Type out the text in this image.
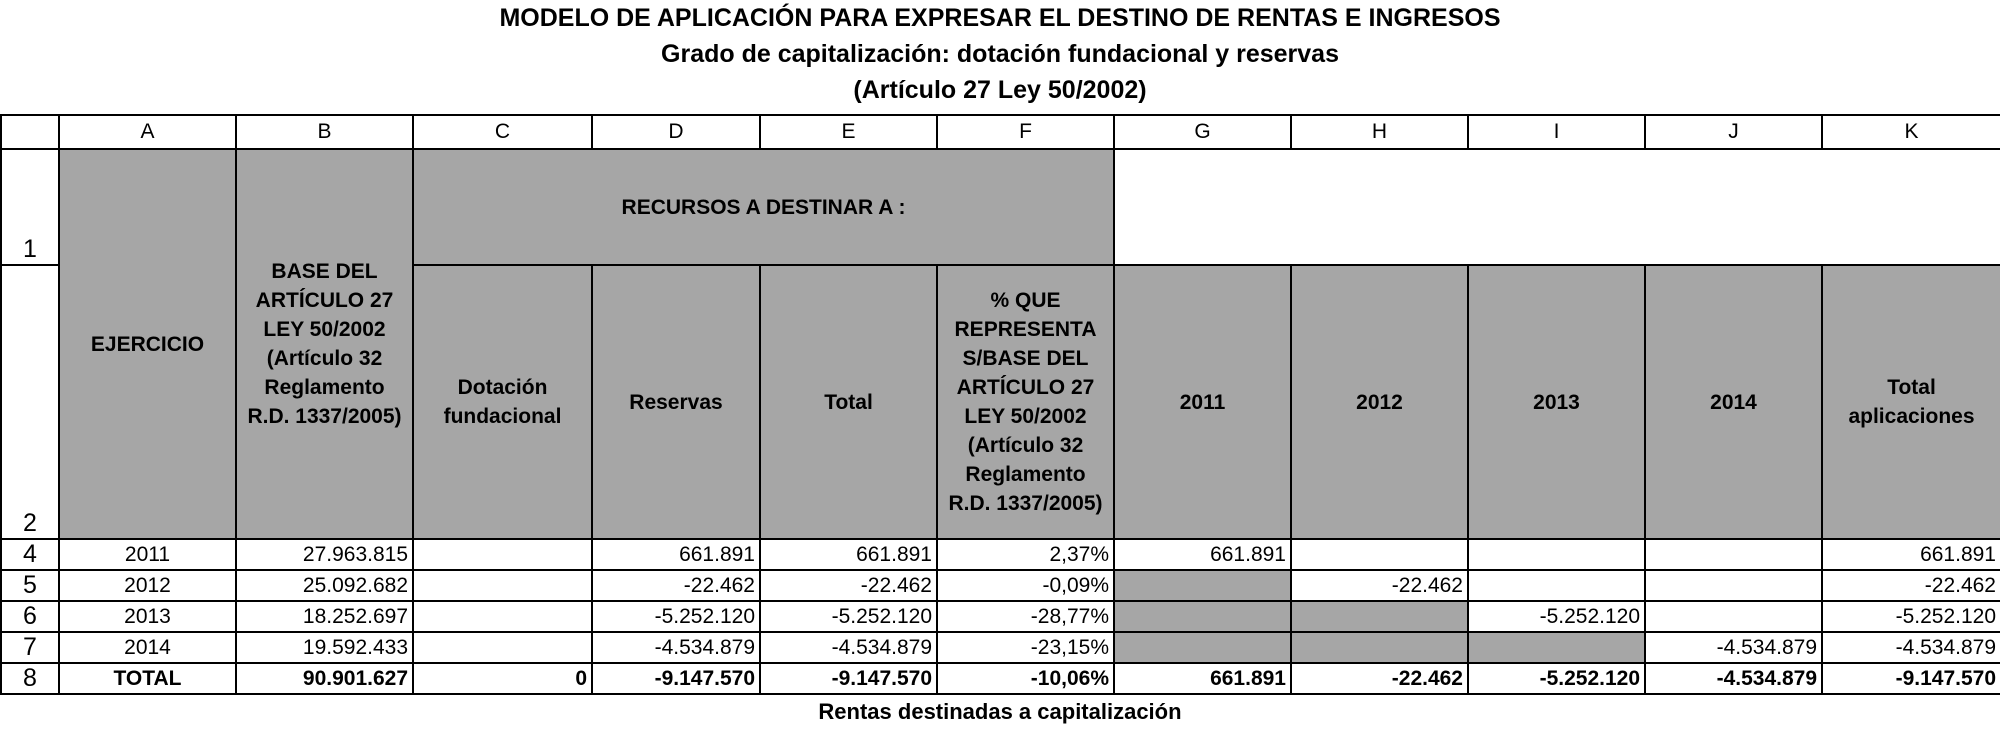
MODELO DE APLICACIÓN PARA EXPRESAR EL DESTINO DE RENTAS E INGRESOS
Grado de capitalización: dotación fundacional y reservas
(Artículo 27 Ley 50/2002)
	A	B	C	D	E	F	G	H	I	J	K
1	EJERCICIO	BASE DEL ARTÍCULO 27 LEY 50/2002 (Artículo 32 Reglamento R.D. 1337/2005)	RECURSOS A DESTINAR A :								
2			Dotación fundacional	Reservas	Total	% QUE REPRESENTA S/BASE DEL ARTÍCULO 27 LEY 50/2002 (Artículo 32 Reglamento R.D. 1337/2005)	2011	2012	2013	2014	Total aplicaciones
4	2011	27.963.815		661.891	661.891	2,37%	661.891				661.891
5	2012	25.092.682		-22.462	-22.462	-0,09%		-22.462			-22.462
6	2013	18.252.697		-5.252.120	-5.252.120	-28,77%			-5.252.120		-5.252.120
7	2014	19.592.433		-4.534.879	-4.534.879	-23,15%				-4.534.879	-4.534.879
8	TOTAL	90.901.627	0	-9.147.570	-9.147.570	-10,06%	661.891	-22.462	-5.252.120	-4.534.879	-9.147.570
Rentas destinadas a capitalización
